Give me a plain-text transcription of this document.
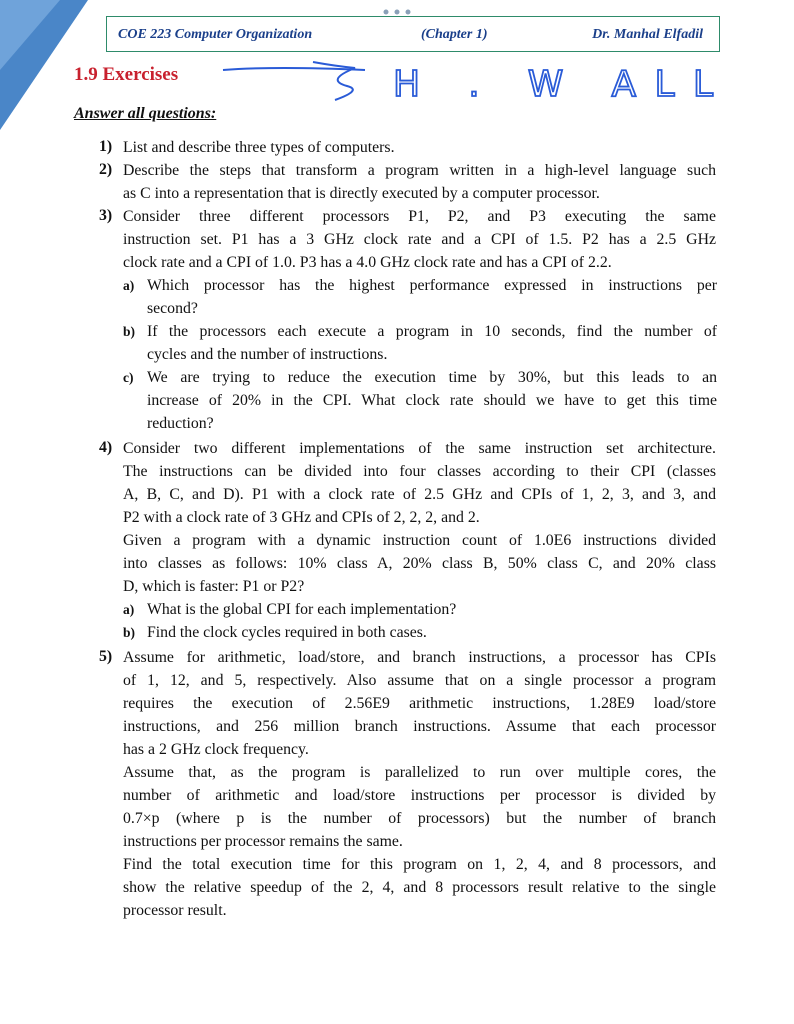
COE 223 Computer Organization	(Chapter 1)	Dr. Manhal Elfadil
1.9 Exercises	H . W ALL
Answer all questions:
1) List and describe three types of computers.
2) Describe the steps that transform a program written in a high-level language such
as C into a representation that is directly executed by a computer processor.
3) Consider three different processors P1, P2, and P3 executing the same
instruction set. P1 has a 3 GHz clock rate and a CPI of 1.5. P2 has a 2.5 GHz
clock rate and a CPI of 1.0. P3 has a 4.0 GHz clock rate and has a CPI of 2.2.
a) Which processor has the highest performance expressed in instructions per
second?
b) If the processors each execute a program in 10 seconds, find the number of
cycles and the number of instructions.
c) We are trying to reduce the execution time by 30%, but this leads to an
increase of 20% in the CPI. What clock rate should we have to get this time
reduction?
4) Consider two different implementations of the same instruction set architecture.
The instructions can be divided into four classes according to their CPI (classes
A, B, C, and D). P1 with a clock rate of 2.5 GHz and CPIs of 1, 2, 3, and 3, and
P2 with a clock rate of 3 GHz and CPIs of 2, 2, 2, and 2.
Given a program with a dynamic instruction count of 1.0E6 instructions divided
into classes as follows: 10% class A, 20% class B, 50% class C, and 20% class
D, which is faster: P1 or P2?
a) What is the global CPI for each implementation?
b) Find the clock cycles required in both cases.
5) Assume for arithmetic, load/store, and branch instructions, a processor has CPIs
of 1, 12, and 5, respectively. Also assume that on a single processor a program
requires the execution of 2.56E9 arithmetic instructions, 1.28E9 load/store
instructions, and 256 million branch instructions. Assume that each processor
has a 2 GHz clock frequency.
Assume that, as the program is parallelized to run over multiple cores, the
number of arithmetic and load/store instructions per processor is divided by
0.7×p (where p is the number of processors) but the number of branch
instructions per processor remains the same.
Find the total execution time for this program on 1, 2, 4, and 8 processors, and
show the relative speedup of the 2, 4, and 8 processors result relative to the single
processor result.
